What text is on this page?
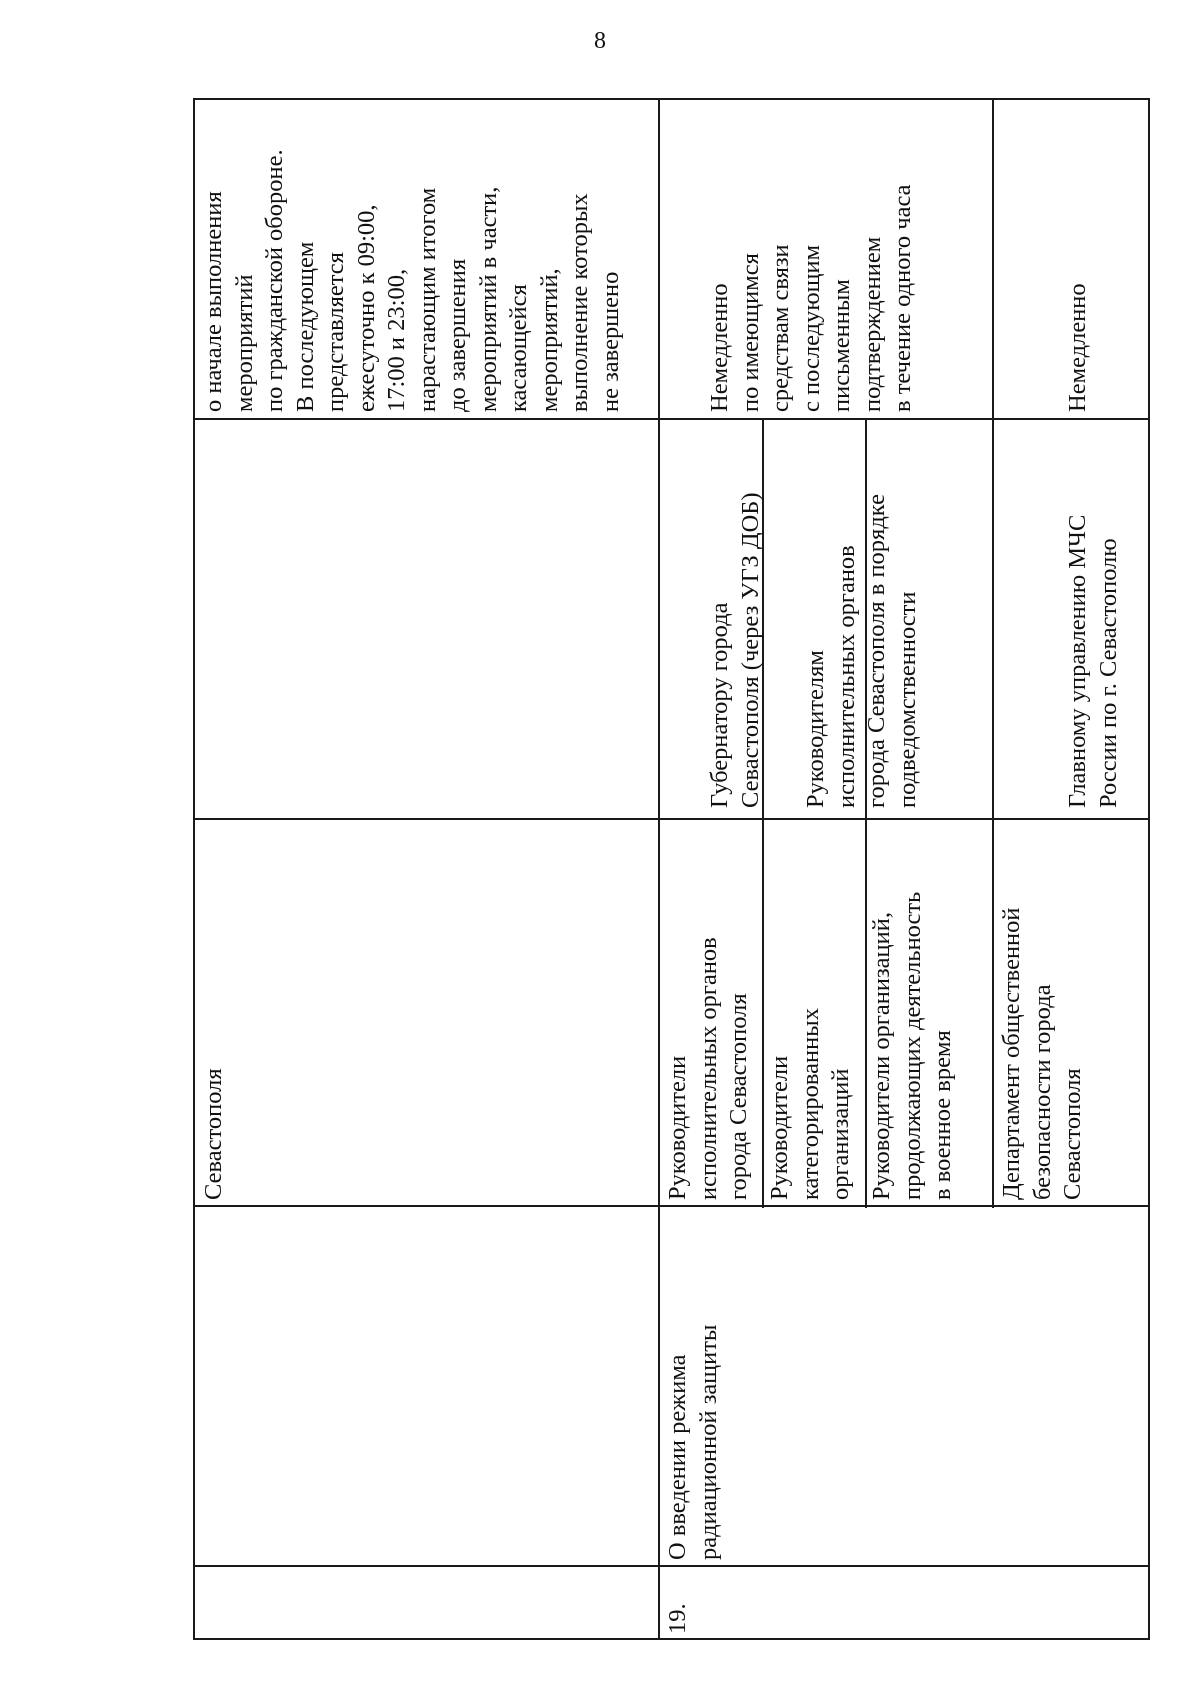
8
Севастополя
о начале выполнения
мероприятий
по гражданской обороне.
В последующем
представляется
ежесуточно к 09:00,
17:00 и 23:00,
нарастающим итогом
до завершения
мероприятий в части,
касающейся
мероприятий,
выполнение которых
не завершено
19.
О введении режима
радиационной защиты
Руководители
исполнительных органов
города Севастополя Руководители
категорированных
организаций Руководители организаций,
продолжающих деятельность
в военное время
Департамент общественной
безопасности города
Севастополя
Губернатору города
Севастополя (через УГЗ ДОБ)
Руководителям
исполнительных органов
города Севастополя в порядке
подведомственности	Главному управлению МЧС
России по г. Севастополю
Немедленно
по имеющимся
средствам связи
с последующим
письменным
подтверждением
в течение одного часа
Немедленно
